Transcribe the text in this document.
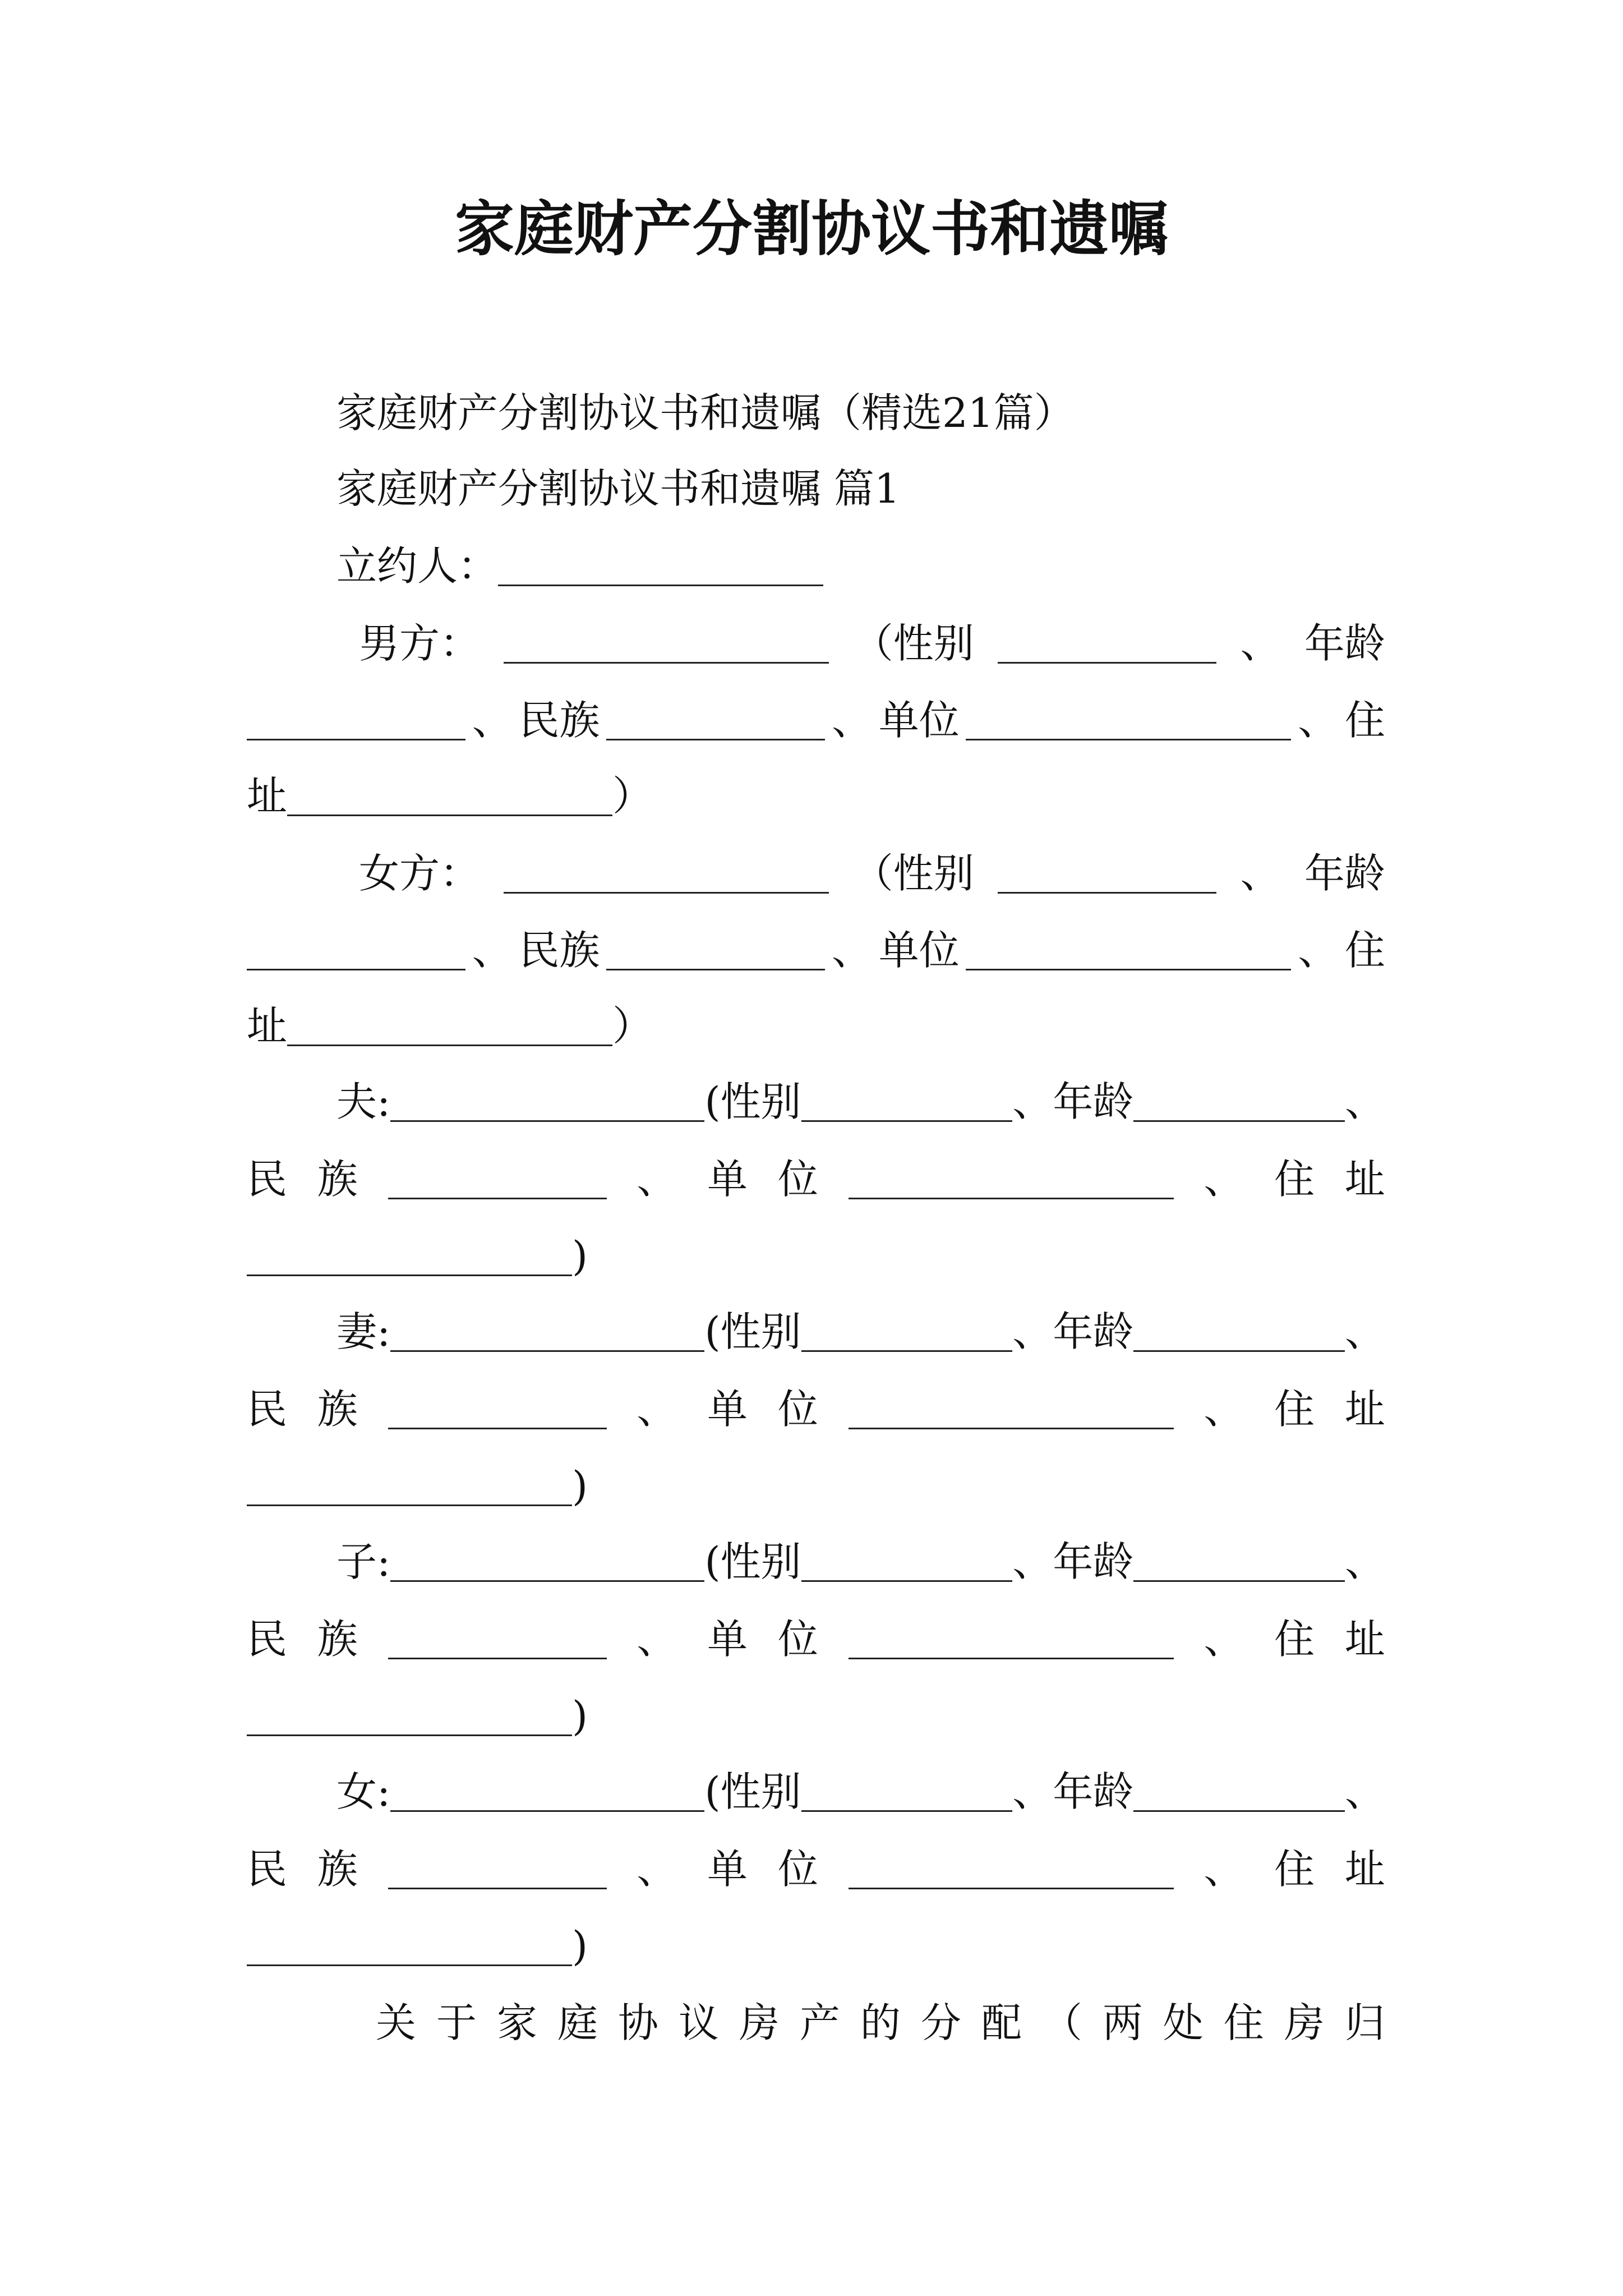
家庭财产分割协议书和遗嘱
家庭财产分割协议书和遗嘱（精选21篇）
家庭财产分割协议书和遗嘱 篇1
立约人：
男方：	（性别	、 年龄
、 民族	、 单位	、 住
址	）
女方：	（性别	、 年龄
、 民族	、 单位	、 住
址	）
夫:	(性别	、 年龄	、
民 族	、 单 位	、 住 址
)
妻:	(性别	、 年龄	、
民 族	、 单 位	、 住 址
)
子:	(性别	、 年龄	、
民 族	、 单 位	、 住 址
)
女:	(性别	、 年龄	、
民 族	、 单 位	、 住 址
)
关 于 家 庭 协 议 房 产 的 分 配 （ 两 处 住 房 归
